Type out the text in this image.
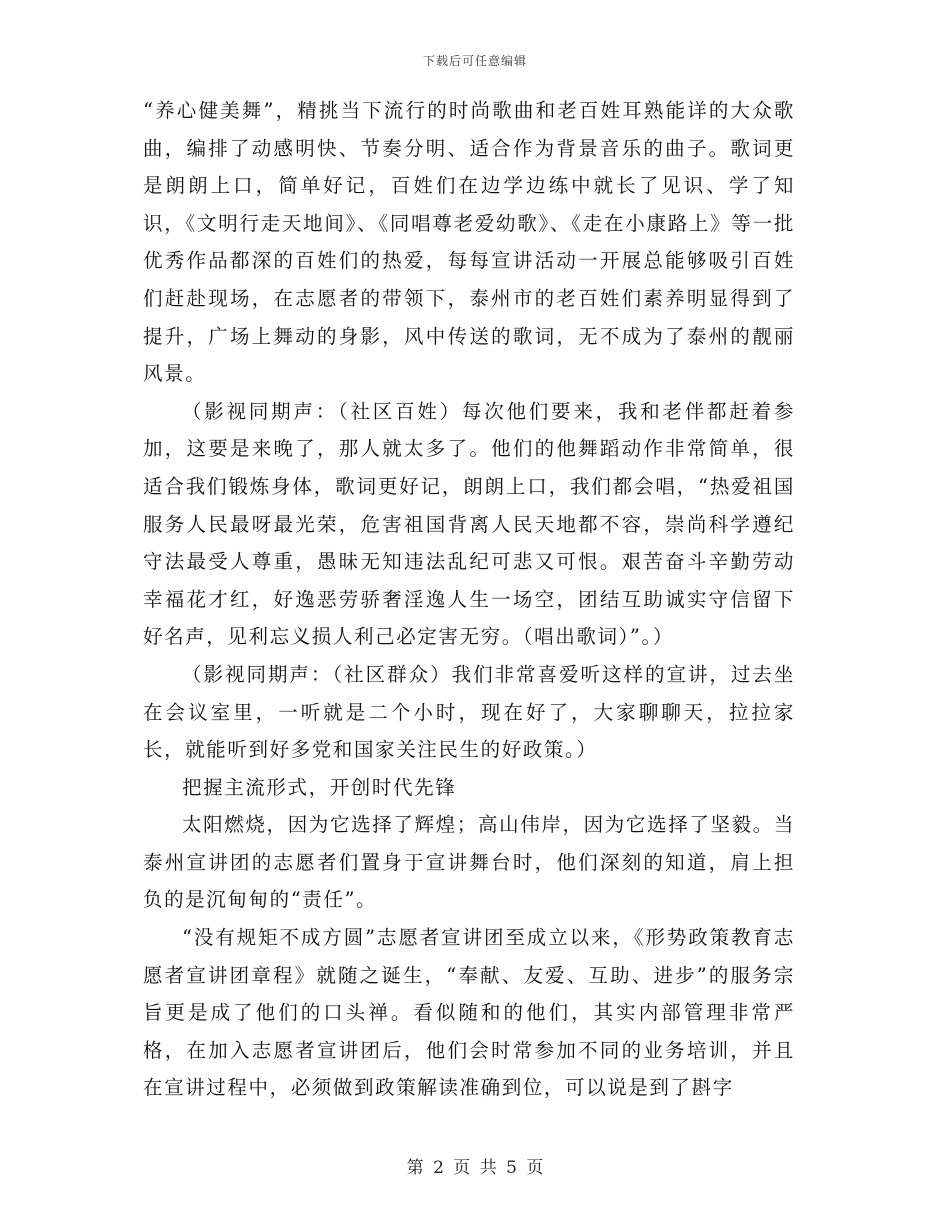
下载后可任意编辑

“养心健美舞”，精挑当下流行的时尚歌曲和老百姓耳熟能详的大众歌曲，编排了动感明快、节奏分明、适合作为背景音乐的曲子。歌词更是朗朗上口，简单好记，百姓们在边学边练中就长了见识、学了知识，《文明行走天地间》、《同唱尊老爱幼歌》、《走在小康路上》等一批优秀作品都深的百姓们的热爱，每每宣讲活动一开展总能够吸引百姓们赶赴现场，在志愿者的带领下，泰州市的老百姓们素养明显得到了提升，广场上舞动的身影，风中传送的歌词，无不成为了泰州的靓丽风景。

（影视同期声：（社区百姓）每次他们要来，我和老伴都赶着参加，这要是来晚了，那人就太多了。他们的他舞蹈动作非常简单，很适合我们锻炼身体，歌词更好记，朗朗上口，我们都会唱，“热爱祖国服务人民最呀最光荣，危害祖国背离人民天地都不容，崇尚科学遵纪守法最受人尊重，愚昧无知违法乱纪可悲又可恨。艰苦奋斗辛勤劳动幸福花才红，好逸恶劳骄奢淫逸人生一场空，团结互助诚实守信留下好名声，见利忘义损人利己必定害无穷。（唱出歌词）”。）

（影视同期声：（社区群众）我们非常喜爱听这样的宣讲，过去坐在会议室里，一听就是二个小时，现在好了，大家聊聊天，拉拉家长，就能听到好多党和国家关注民生的好政策。）

把握主流形式，开创时代先锋

太阳燃烧，因为它选择了辉煌；高山伟岸，因为它选择了坚毅。当泰州宣讲团的志愿者们置身于宣讲舞台时，他们深刻的知道，肩上担负的是沉甸甸的“责任”。

“没有规矩不成方圆”志愿者宣讲团至成立以来，《形势政策教育志愿者宣讲团章程》就随之诞生，“奉献、友爱、互助、进步”的服务宗旨更是成了他们的口头禅。看似随和的他们，其实内部管理非常严格，在加入志愿者宣讲团后，他们会时常参加不同的业务培训，并且在宣讲过程中，必须做到政策解读准确到位，可以说是到了斟字

第 2 页 共 5 页
